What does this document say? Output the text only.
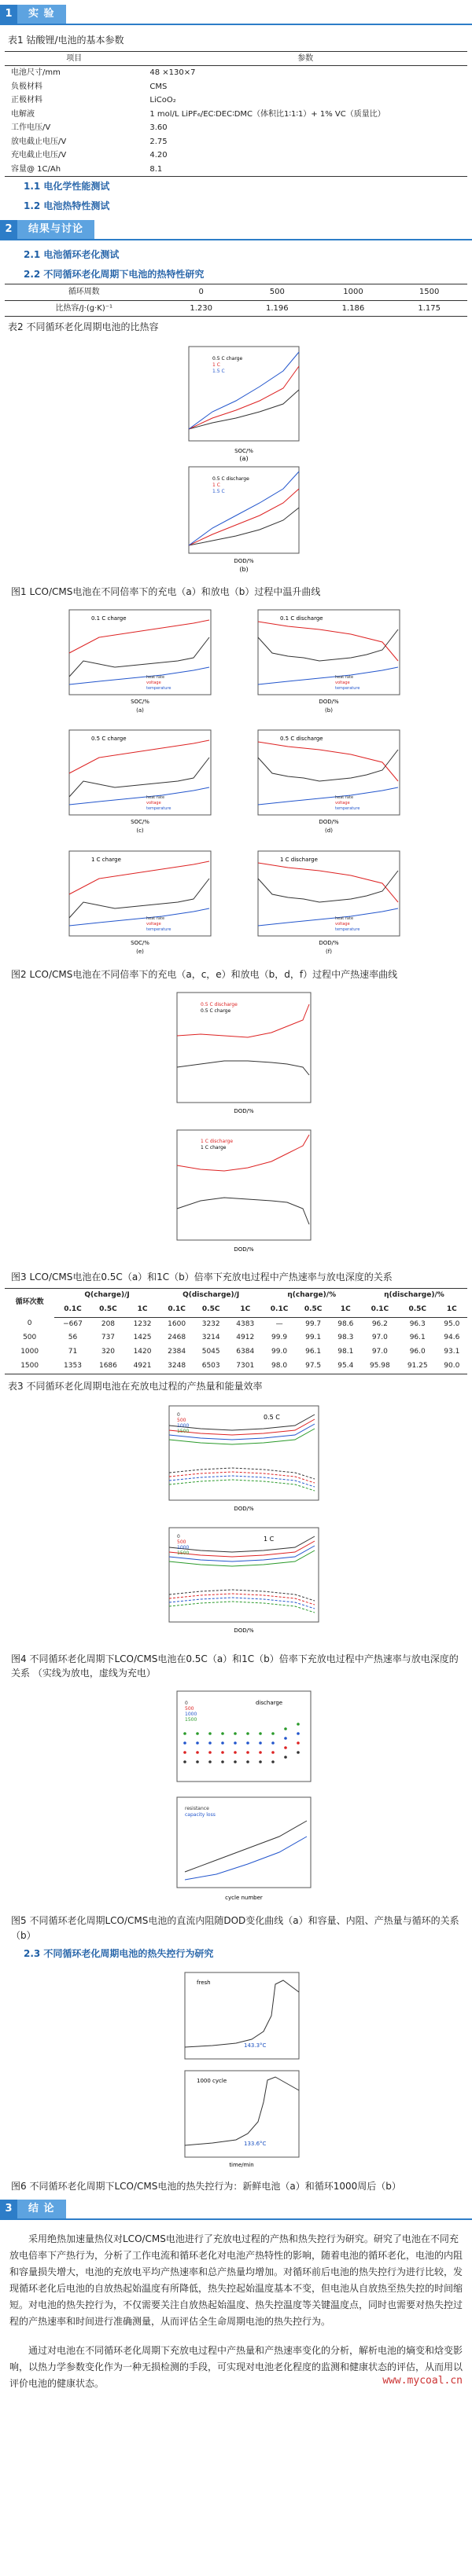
1	实 验
表1 钴酸锂/电池的基本参数
项目	参数
电池尺寸/mm	48 ×130×7
负极材料	CMS
正极材料	LiCoO₂
电解液	1 mol/L LiPF₆/EC∶DEC∶DMC（体积比1∶1∶1）+ 1% VC（质量比）
工作电压/V	3.60
放电截止电压/V	2.75
充电截止电压/V	4.20
容量@ 1C/Ah	8.1
1.1 电化学性能测试
1.2 电池热特性测试
2	结果与讨论
2.1 电池循环老化测试
2.2 不同循环老化周期下电池的热特性研究
循环周数	0	500	1000	1500
比热容/J·(g·K)⁻¹	1.230	1.196	1.186	1.175
表2 不同循环老化周期电池的比热容
SOC/%
(a)
0.5 C charge
1 C
1.5 C
DOD/%
(b)
0.5 C discharge
1 C
1.5 C
图1 LCO/CMS电池在不同倍率下的充电（a）和放电（b）过程中温升曲线
0.1 C charge
heat rate
voltage
temperature
SOC/%
(a)
0.1 C discharge
heat rate
voltage
temperature
DOD/%
(b)
0.5 C charge
heat rate
voltage
temperature
SOC/%
(c)
0.5 C discharge
heat rate
voltage
temperature
DOD/%
(d)
1 C charge
heat rate
voltage
temperature
SOC/%
(e)
1 C discharge
heat rate
voltage
temperature
DOD/%
(f)
图2 LCO/CMS电池在不同倍率下的充电（a，c，e）和放电（b，d，f）过程中产热速率曲线
0.5 C discharge
0.5 C charge
DOD/%
1 C discharge
1 C charge
DOD/%
图3 LCO/CMS电池在0.5C（a）和1C（b）倍率下充放电过程中产热速率与放电深度的关系
循环次数	Q(charge)/J			Q(discharge)/J			η(charge)/%			η(discharge)/%		
	0.1C	0.5C	1C	0.1C	0.5C	1C	0.1C	0.5C	1C	0.1C	0.5C	1C
0	−667	208	1232	1600	3232	4383	—	99.7	98.6	96.2	96.3	95.0
500	56	737	1425	2468	3214	4912	99.9	99.1	98.3	97.0	96.1	94.6
1000	71	320	1420	2384	5045	6384	99.0	96.1	98.1	97.0	96.0	93.1
1500	1353	1686	4921	3248	6503	7301	98.0	97.5	95.4	95.98	91.25	90.0
表3 不同循环老化周期电池在充放电过程的产热量和能量效率
0
500
1000
1500
0.5 C
DOD/%
0
500
1000
1500
1 C
DOD/%
图4 不同循环老化周期下LCO/CMS电池在0.5C（a）和1C（b）倍率下充放电过程中产热速率与放电深度的关系 （实线为放电，虚线为充电）
0
500
1000
1500
discharge
resistance
capacity loss
cycle number
图5 不同循环老化周期LCO/CMS电池的直流内阻随DOD变化曲线（a）和容量、内阻、产热量与循环的关系（b）
2.3 不同循环老化周期电池的热失控行为研究
fresh
143.3°C
1000 cycle
133.6°C
time/min
图6 不同循环老化周期下LCO/CMS电池的热失控行为：新鲜电池（a）和循环1000周后（b）
3	结 论

采用绝热加速量热仪对LCO/CMS电池进行了充放电过程的产热和热失控行为研究。研究了电池在不同充放电倍率下产热行为，分析了工作电流和循环老化对电池产热特性的影响，随着电池的循环老化，电池的内阻和容量损失增大，电池的充放电平均产热速率和总产热量均增加。对循环前后电池的热失控行为进行比较，发现循环老化后电池的自放热起始温度有所降低，热失控起始温度基本不变，但电池从自放热至热失控的时间缩短。对电池的热失控行为，不仅需要关注自放热起始温度、热失控温度等关键温度点，同时也需要对热失控过程的产热速率和时间进行准确测量，从而评估全生命周期电池的热失控行为。

通过对电池在不同循环老化周期下充放电过程中产热量和产热速率变化的分析，解析电池的熵变和焓变影响，以热力学参数变化作为一种无损检测的手段，可实现对电池老化程度的监测和健康状态的评估，从而用以评价电池的健康状态。	www.mycoal.cn
